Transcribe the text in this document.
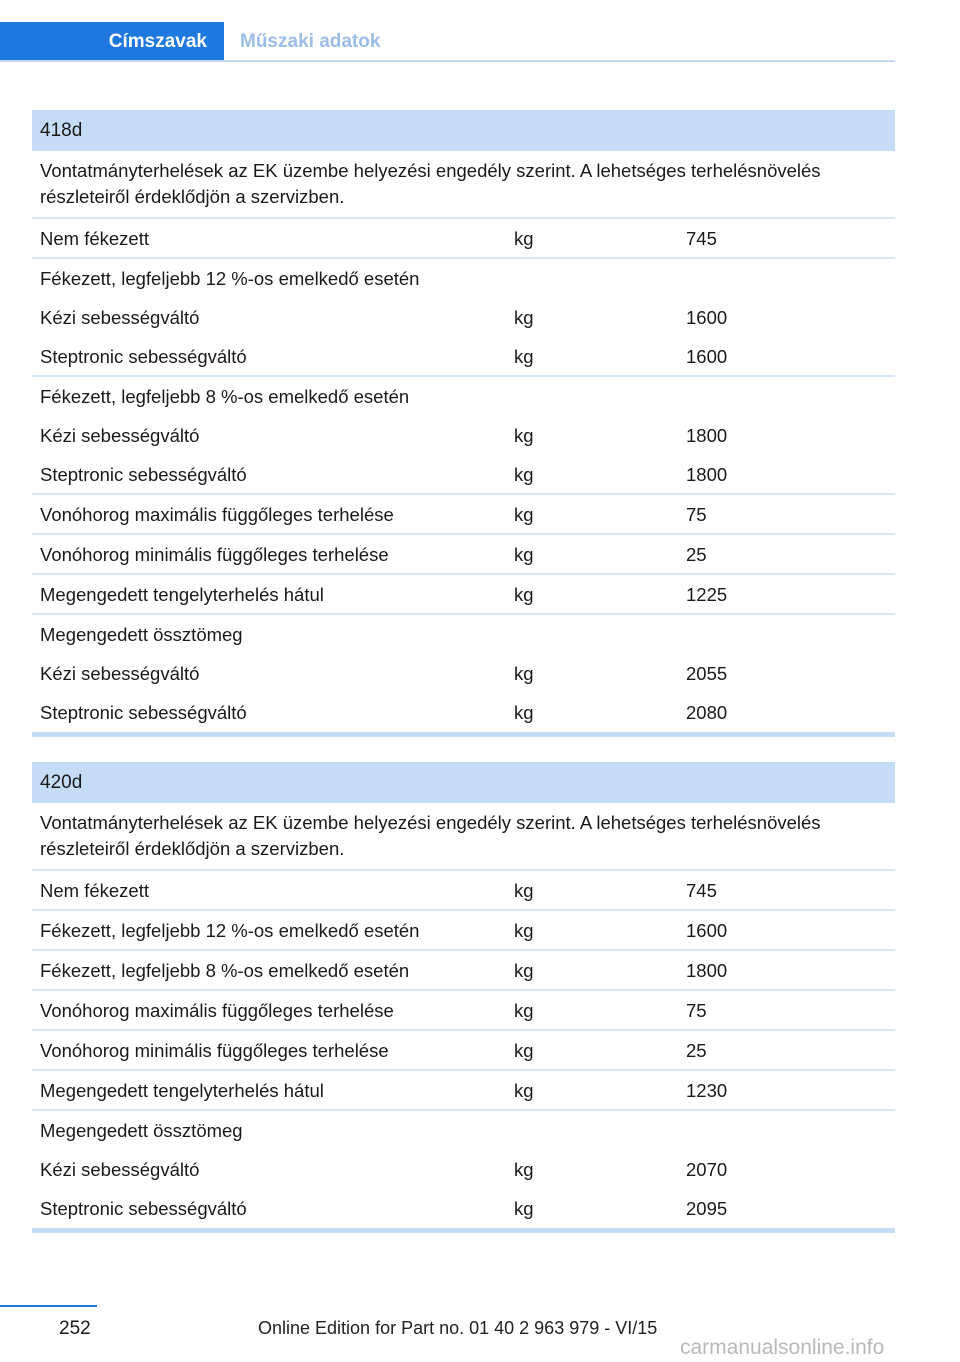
Címszavak	Műszaki adatok
418d
Vontatmányterhelések az EK üzembe helyezési engedély szerint. A lehetséges terhelésnövelés részleteiről érdeklődjön a szervizben.
Nem fékezett	kg	745
Fékezett, legfeljebb 12 %-os emelkedő esetén
Kézi sebességváltó	kg	1600
Steptronic sebességváltó	kg	1600
Fékezett, legfeljebb 8 %-os emelkedő esetén
Kézi sebességváltó	kg	1800
Steptronic sebességváltó	kg	1800
Vonóhorog maximális függőleges terhelése	kg	75
Vonóhorog minimális függőleges terhelése	kg	25
Megengedett tengelyterhelés hátul	kg	1225
Megengedett össztömeg
Kézi sebességváltó	kg	2055
Steptronic sebességváltó	kg	2080
420d
Vontatmányterhelések az EK üzembe helyezési engedély szerint. A lehetséges terhelésnövelés részleteiről érdeklődjön a szervizben.
Nem fékezett	kg	745
Fékezett, legfeljebb 12 %-os emelkedő esetén	kg	1600
Fékezett, legfeljebb 8 %-os emelkedő esetén	kg	1800
Vonóhorog maximális függőleges terhelése	kg	75
Vonóhorog minimális függőleges terhelése	kg	25
Megengedett tengelyterhelés hátul	kg	1230
Megengedett össztömeg
Kézi sebességváltó	kg	2070
Steptronic sebességváltó	kg	2095
252	Online Edition for Part no. 01 40 2 963 979 - VI/15
carmanualsonline.info
